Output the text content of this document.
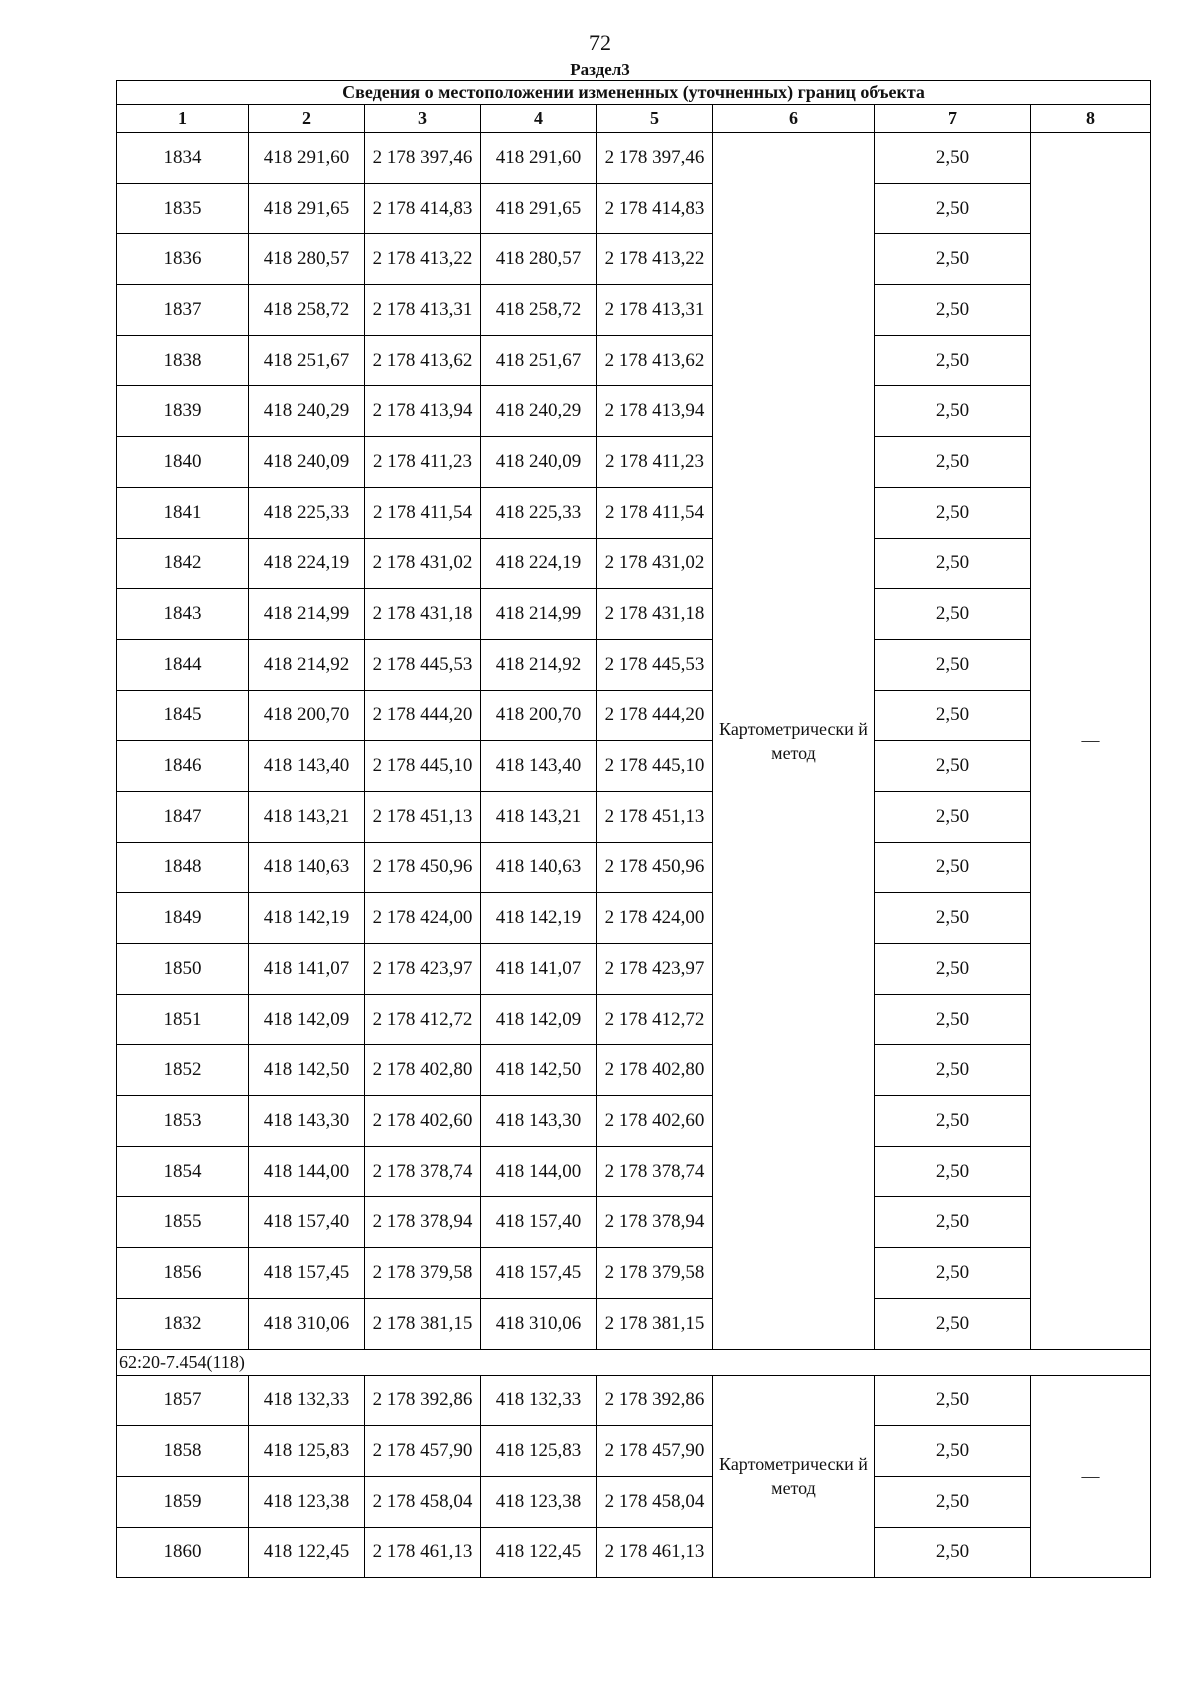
72
Раздел3
Сведения о местоположении измененных (уточненных) границ объекта							
1	2	3	4	5	6	7	8
1834	418 291,60	2 178 397,46	418 291,60	2 178 397,46	Картометрически й метод	2,50	—
1835	418 291,65	2 178 414,83	418 291,65	2 178 414,83		2,50	
1836	418 280,57	2 178 413,22	418 280,57	2 178 413,22		2,50	
1837	418 258,72	2 178 413,31	418 258,72	2 178 413,31		2,50	
1838	418 251,67	2 178 413,62	418 251,67	2 178 413,62		2,50	
1839	418 240,29	2 178 413,94	418 240,29	2 178 413,94		2,50	
1840	418 240,09	2 178 411,23	418 240,09	2 178 411,23		2,50	
1841	418 225,33	2 178 411,54	418 225,33	2 178 411,54		2,50	
1842	418 224,19	2 178 431,02	418 224,19	2 178 431,02		2,50	
1843	418 214,99	2 178 431,18	418 214,99	2 178 431,18		2,50	
1844	418 214,92	2 178 445,53	418 214,92	2 178 445,53		2,50	
1845	418 200,70	2 178 444,20	418 200,70	2 178 444,20		2,50	
1846	418 143,40	2 178 445,10	418 143,40	2 178 445,10		2,50	
1847	418 143,21	2 178 451,13	418 143,21	2 178 451,13		2,50	
1848	418 140,63	2 178 450,96	418 140,63	2 178 450,96		2,50	
1849	418 142,19	2 178 424,00	418 142,19	2 178 424,00		2,50	
1850	418 141,07	2 178 423,97	418 141,07	2 178 423,97		2,50	
1851	418 142,09	2 178 412,72	418 142,09	2 178 412,72		2,50	
1852	418 142,50	2 178 402,80	418 142,50	2 178 402,80		2,50	
1853	418 143,30	2 178 402,60	418 143,30	2 178 402,60		2,50	
1854	418 144,00	2 178 378,74	418 144,00	2 178 378,74		2,50	
1855	418 157,40	2 178 378,94	418 157,40	2 178 378,94		2,50	
1856	418 157,45	2 178 379,58	418 157,45	2 178 379,58		2,50	
1832	418 310,06	2 178 381,15	418 310,06	2 178 381,15		2,50	
62:20-7.454(118)							
1857	418 132,33	2 178 392,86	418 132,33	2 178 392,86	Картометрически й метод	2,50	—
1858	418 125,83	2 178 457,90	418 125,83	2 178 457,90		2,50	
1859	418 123,38	2 178 458,04	418 123,38	2 178 458,04		2,50	
1860	418 122,45	2 178 461,13	418 122,45	2 178 461,13		2,50	
